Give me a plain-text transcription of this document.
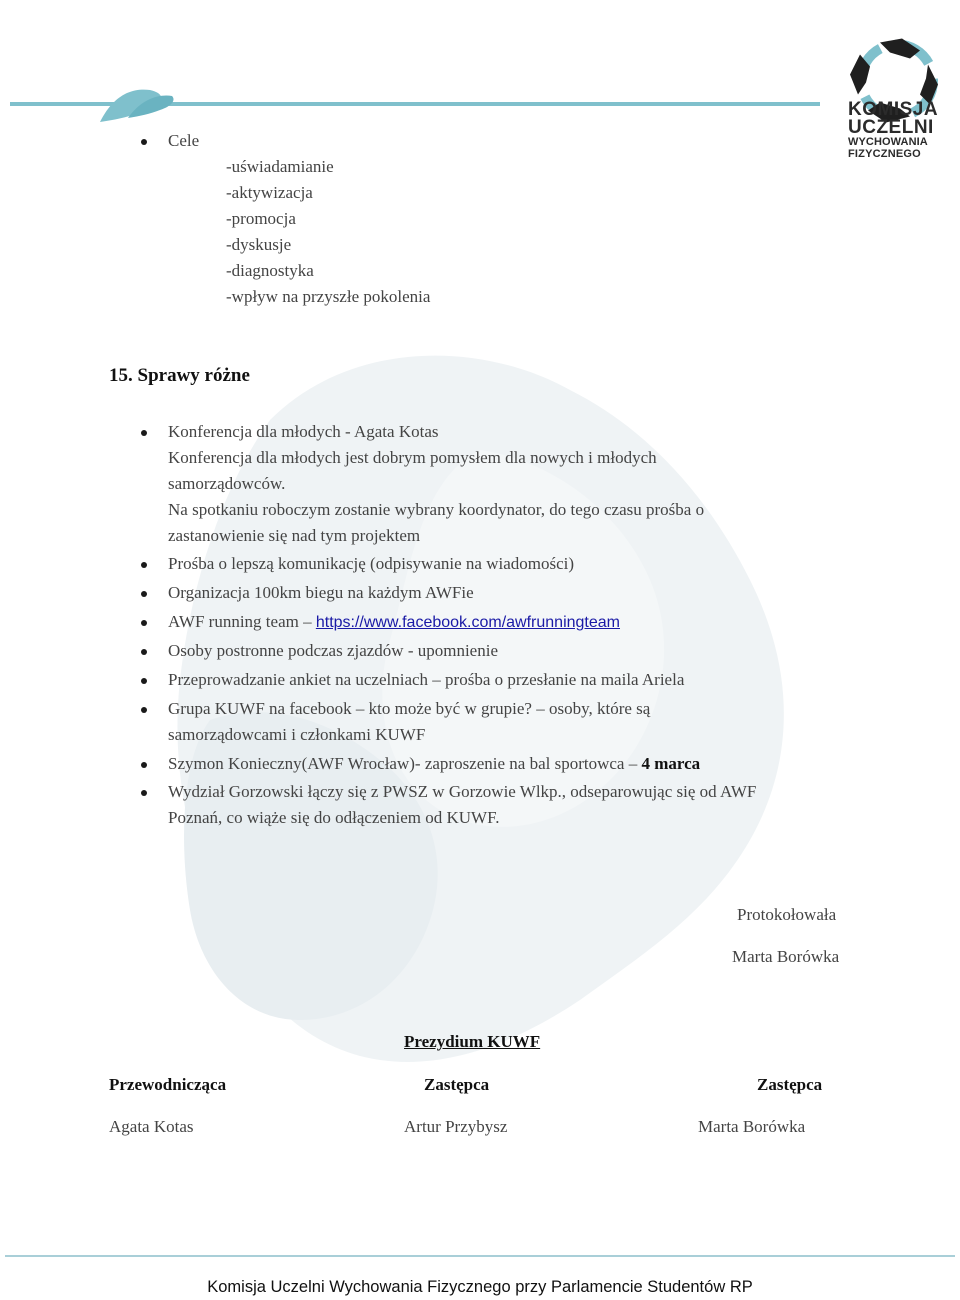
KOMISJA
UCZELNI
WYCHOWANIA
FIZYCZNEGO
Cele
-uświadamianie
-aktywizacja
-promocja
-dyskusje
-diagnostyka
-wpływ na przyszłe pokolenia
15. Sprawy różne
Konferencja dla młodych - Agata Kotas
Konferencja dla młodych jest dobrym pomysłem dla nowych i młodych
samorządowców.
Na spotkaniu roboczym zostanie wybrany koordynator, do tego czasu prośba o
zastanowienie się nad tym projektem
Prośba o lepszą komunikację (odpisywanie na wiadomości)
Organizacja 100km biegu na każdym AWFie
AWF running team – https://www.facebook.com/awfrunningteam
Osoby postronne podczas zjazdów - upomnienie
Przeprowadzanie ankiet na uczelniach – prośba o przesłanie na maila Ariela
Grupa KUWF na facebook – kto może być w grupie? – osoby, które są
samorządowcami i członkami KUWF
Szymon Konieczny(AWF Wrocław)- zaproszenie na bal sportowca – 4 marca
Wydział Gorzowski łączy się z PWSZ w Gorzowie Wlkp., odseparowując się od AWF
Poznań, co wiąże się do odłączeniem od KUWF.
Protokołowała
Marta Borówka
Prezydium KUWF
Przewodnicząca	Zastępca	Zastępca
Agata Kotas	Artur Przybysz	Marta Borówka
Komisja Uczelni Wychowania Fizycznego przy Parlamencie Studentów RP
